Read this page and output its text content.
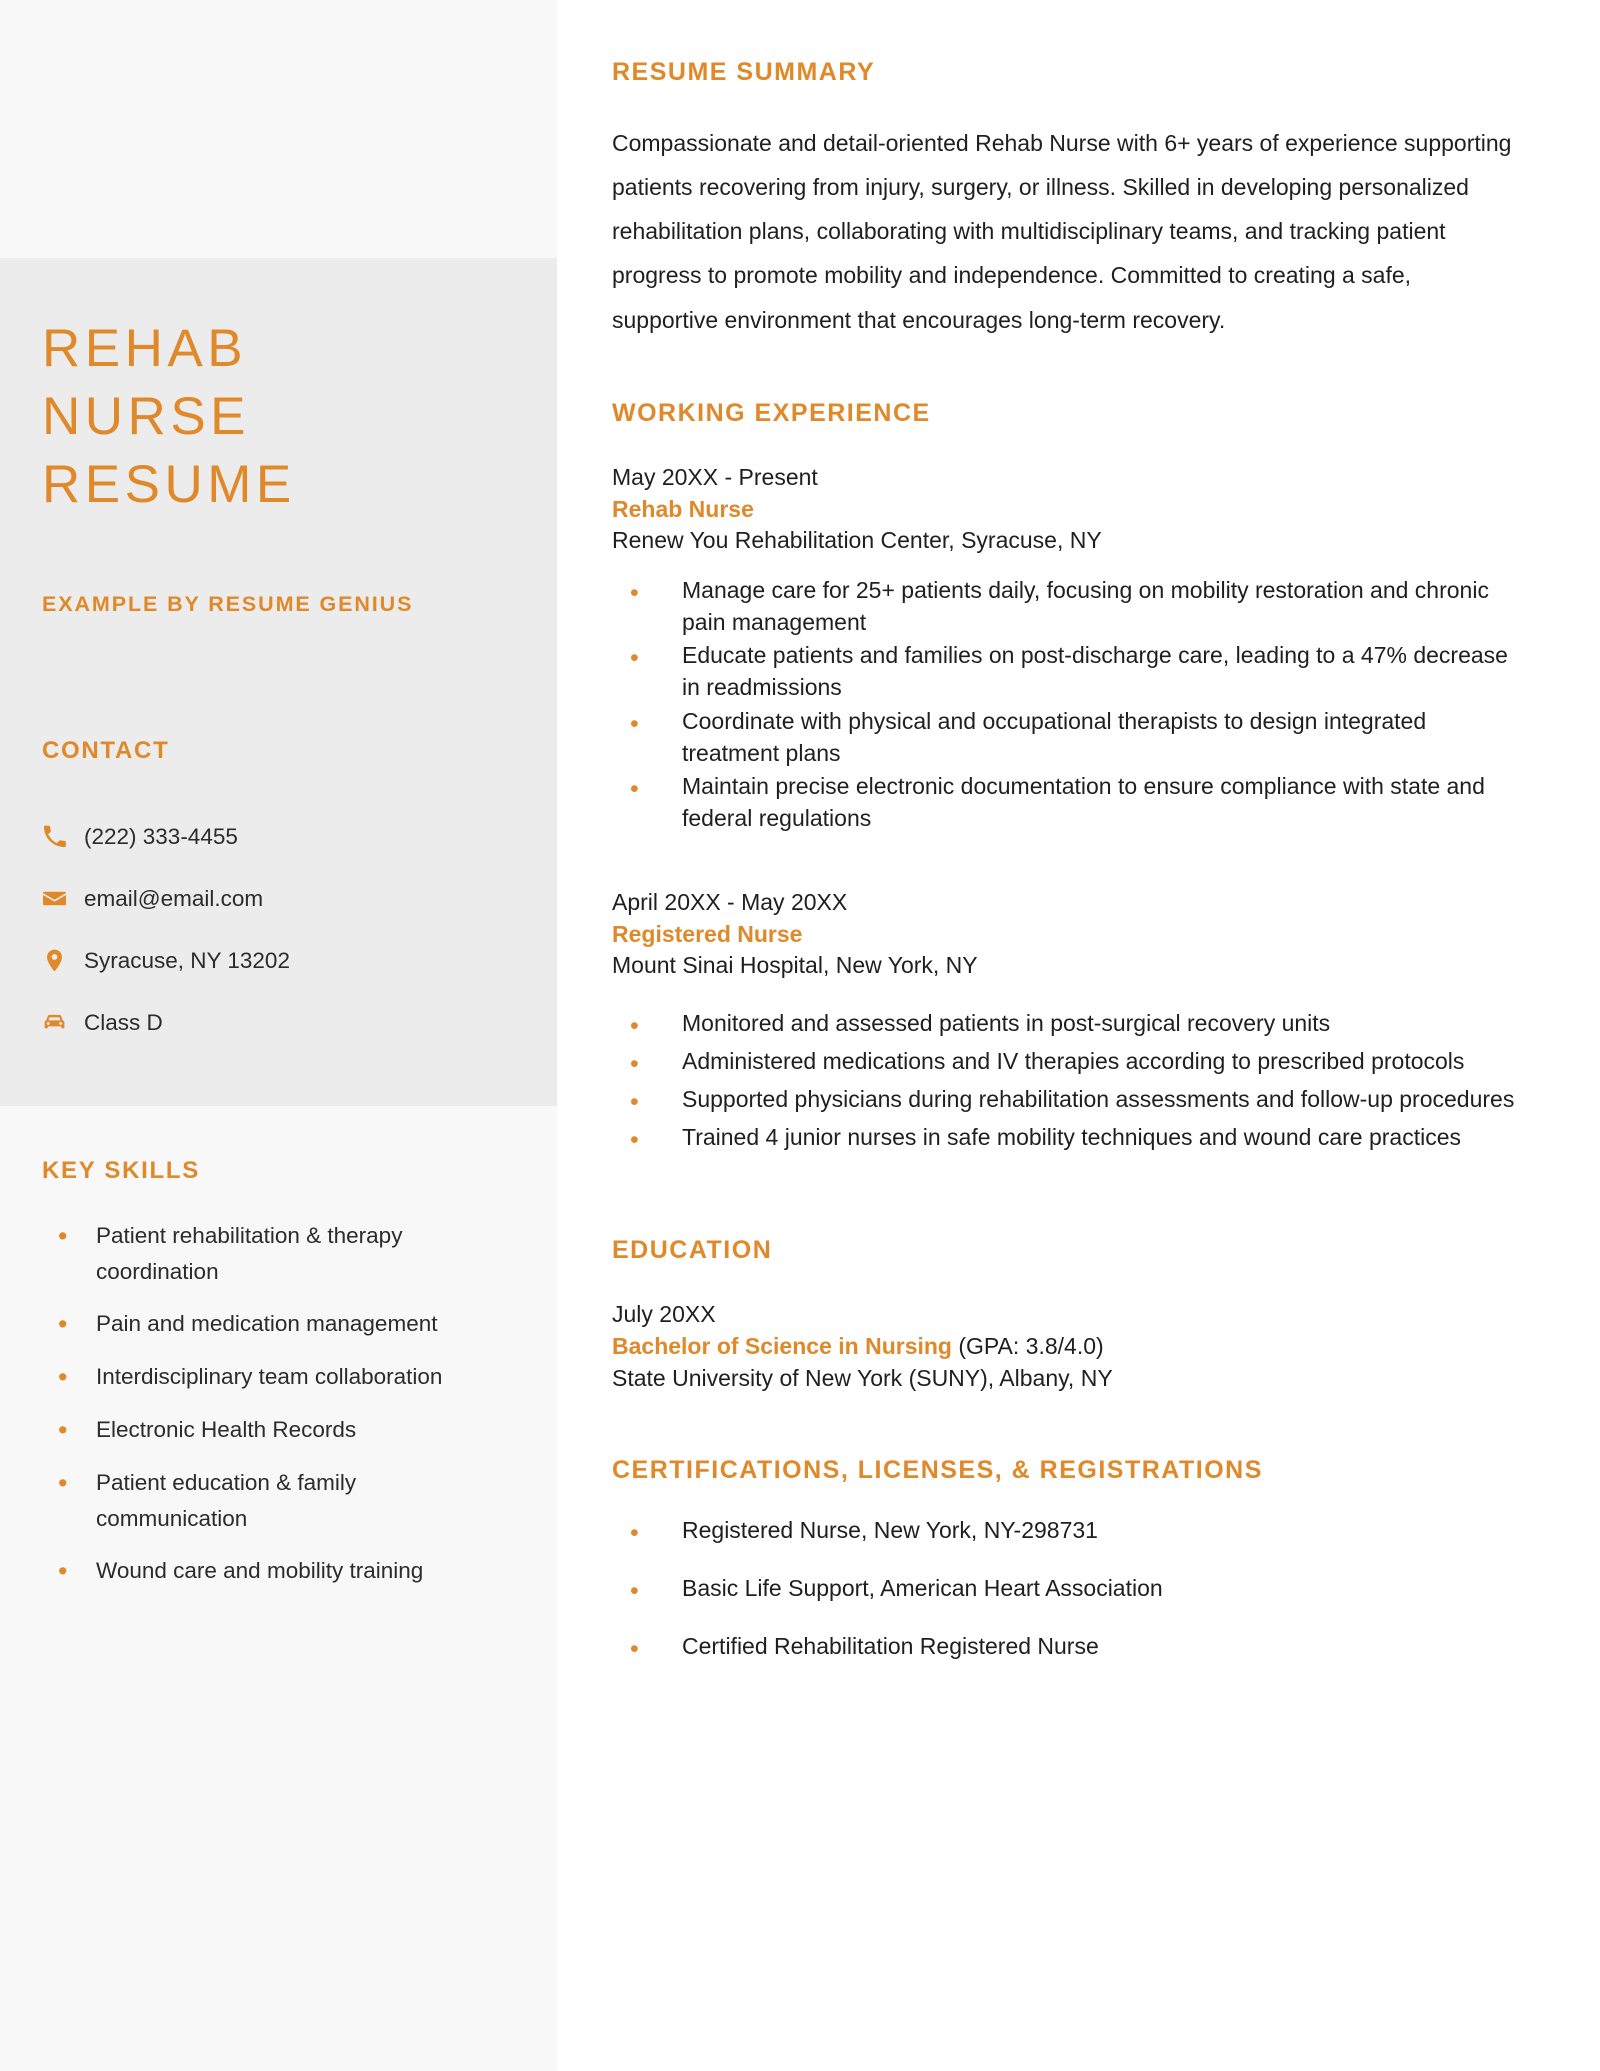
REHAB
NURSE
RESUME
EXAMPLE BY RESUME GENIUS
CONTACT
(222) 333-4455
email@email.com
Syracuse, NY 13202
Class D
KEY SKILLS
•	Patient rehabilitation & therapy coordination
•	Pain and medication management
•	Interdisciplinary team collaboration
•	Electronic Health Records
•	Patient education & family communication
•	Wound care and mobility training
RESUME SUMMARY
Compassionate and detail-oriented Rehab Nurse with 6+ years of experience supporting patients recovering from injury, surgery, or illness. Skilled in developing personalized rehabilitation plans, collaborating with multidisciplinary teams, and tracking patient progress to promote mobility and independence. Committed to creating a safe, supportive environment that encourages long-term recovery.
WORKING EXPERIENCE
May 20XX - Present
Rehab Nurse
Renew You Rehabilitation Center, Syracuse, NY
•	Manage care for 25+ patients daily, focusing on mobility restoration and chronic pain management
•	Educate patients and families on post-discharge care, leading to a 47% decrease in readmissions
•	Coordinate with physical and occupational therapists to design integrated treatment plans
•	Maintain precise electronic documentation to ensure compliance with state and federal regulations
April 20XX - May 20XX
Registered Nurse
Mount Sinai Hospital, New York, NY
•	Monitored and assessed patients in post-surgical recovery units
•	Administered medications and IV therapies according to prescribed protocols
•	Supported physicians during rehabilitation assessments and follow-up procedures
•	Trained 4 junior nurses in safe mobility techniques and wound care practices
EDUCATION
July 20XX
Bachelor of Science in Nursing (GPA: 3.8/4.0)
State University of New York (SUNY), Albany, NY
CERTIFICATIONS, LICENSES, & REGISTRATIONS
•	Registered Nurse, New York, NY-298731
•	Basic Life Support, American Heart Association
•	Certified Rehabilitation Registered Nurse
